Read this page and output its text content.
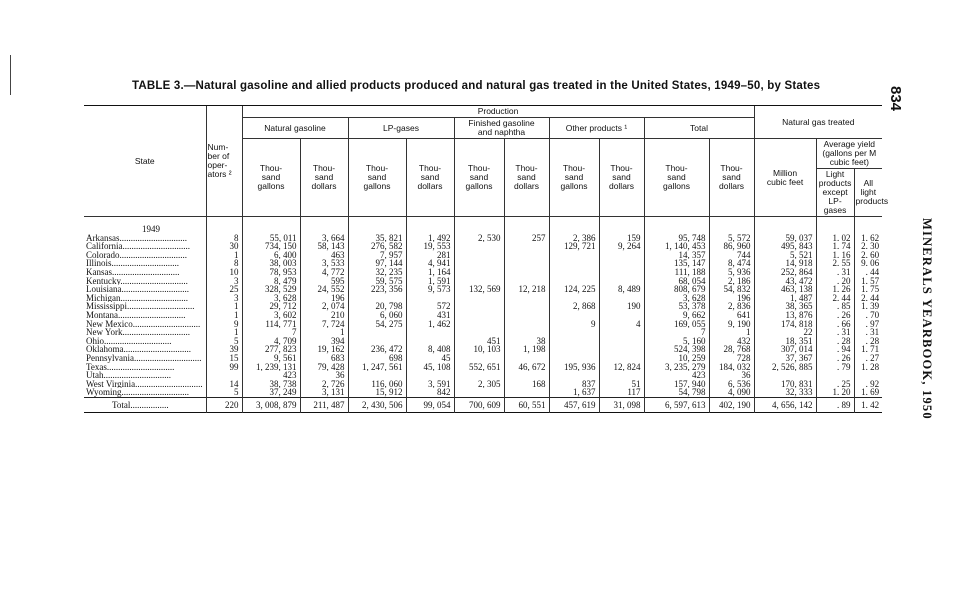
TABLE 3.—Natural gasoline and allied products produced and natural gas treated in the United States, 1949–50, by States	834
MINERALS YEARBOOK, 1950
State	Num-
ber of
oper-
ators ²	Production										Natural gas treated		
		Natural gasoline		LP-gases		Finished gasoline
and naphtha		Other products ¹		Total				
		Thou-
sand
gallons	Thou-
sand
dollars	Thou-
sand
gallons	Thou-
sand
dollars	Thou-
sand
gallons	Thou-
sand
dollars	Thou-
sand
gallons	Thou-
sand
dollars	Thou-
sand
gallons	Thou-
sand
dollars	Million
cubic feet	Average yield
(gallons per M
cubic feet)	
													Light
products
except
LP-gases	All light
products
1949														
Arkansas..............................	8	55, 011	3, 664	35, 821	1, 492	2, 530	257	2, 386	159	95, 748	5, 572	59, 037	1. 02	1. 62
California..............................	30	734, 150	58, 143	276, 582	19, 553			129, 721	9, 264	1, 140, 453	86, 960	495, 843	1. 74	2. 30
Colorado..............................	1	6, 400	463	7, 957	281					14, 357	744	5, 521	1. 16	2. 60
Illinois..............................	8	38, 003	3, 533	97, 144	4, 941					135, 147	8, 474	14, 918	2. 55	9. 06
Kansas..............................	10	78, 953	4, 772	32, 235	1, 164					111, 188	5, 936	252, 864	. 31	. 44
Kentucky..............................	3	8, 479	595	59, 575	1, 591					68, 054	2, 186	43, 472	. 20	1. 57
Louisiana..............................	25	328, 529	24, 552	223, 356	9, 573	132, 569	12, 218	124, 225	8, 489	808, 679	54, 832	463, 138	1. 26	1. 75
Michigan..............................	3	3, 628	196							3, 628	196	1, 487	2. 44	2. 44
Mississippi..............................	1	29, 712	2, 074	20, 798	572			2, 868	190	53, 378	2, 836	38, 365	. 85	1. 39
Montana..............................	1	3, 602	210	6, 060	431					9, 662	641	13, 876	. 26	. 70
New Mexico..............................	9	114, 771	7, 724	54, 275	1, 462			9	4	169, 055	9, 190	174, 818	. 66	. 97
New York..............................	1	7	1							7	1	22	. 31	. 31
Ohio..............................	5	4, 709	394			451	38			5, 160	432	18, 351	. 28	. 28
Oklahoma..............................	39	277, 823	19, 162	236, 472	8, 408	10, 103	1, 198			524, 398	28, 768	307, 014	. 94	1. 71
Pennsylvania..............................	15	9, 561	683	698	45					10, 259	728	37, 367	. 26	. 27
Texas..............................	99	1, 239, 131	79, 428	1, 247, 561	45, 108	552, 651	46, 672	195, 936	12, 824	3, 235, 279	184, 032	2, 526, 885	. 79	1. 28
Utah..............................		423	36							423	36			
West Virginia..............................	14	38, 738	2, 726	116, 060	3, 591	2, 305	168	837	51	157, 940	6, 536	170, 831	. 25	. 92
Wyoming..............................	5	37, 249	3, 131	15, 912	842			1, 637	117	54, 798	4, 090	32, 333	1. 20	1. 69
Total.................	220	3, 008, 879	211, 487	2, 430, 506	99, 054	700, 609	60, 551	457, 619	31, 098	6, 597, 613	402, 190	4, 656, 142	. 89	1. 42
